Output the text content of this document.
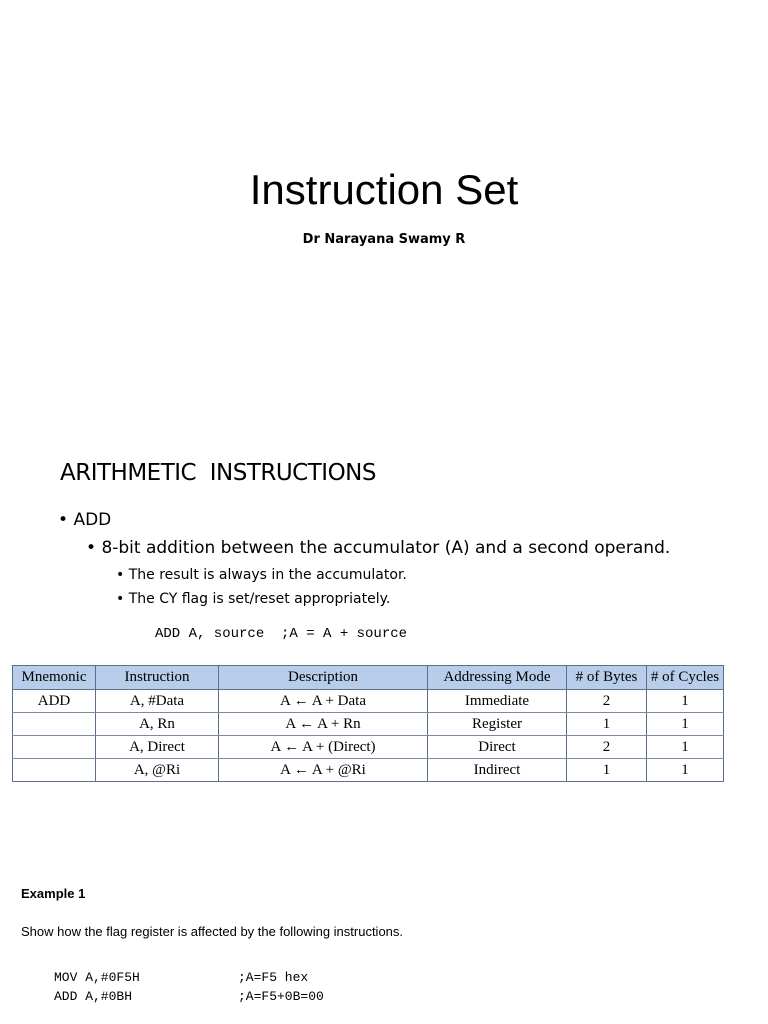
Instruction Set
Dr Narayana Swamy R
ARITHMETIC  INSTRUCTIONS
• ADD
• 8-bit addition between the accumulator (A) and a second operand.
• The result is always in the accumulator.
• The CY flag is set/reset appropriately.
ADD A, source  ;A = A + source
Mnemonic	Instruction	Description	Addressing Mode	# of Bytes	# of Cycles
ADD	A, #Data	A ← A + Data	Immediate	2	1
	A, Rn	A ← A + Rn	Register	1	1
	A, Direct	A ← A + (Direct)	Direct	2	1
	A, @Ri	A ← A + @Ri	Indirect	1	1
Example 1
Show how the flag register is affected by the following instructions.
MOV A,#0F5H	;A=F5 hex
ADD A,#0BH	;A=F5+0B=00
